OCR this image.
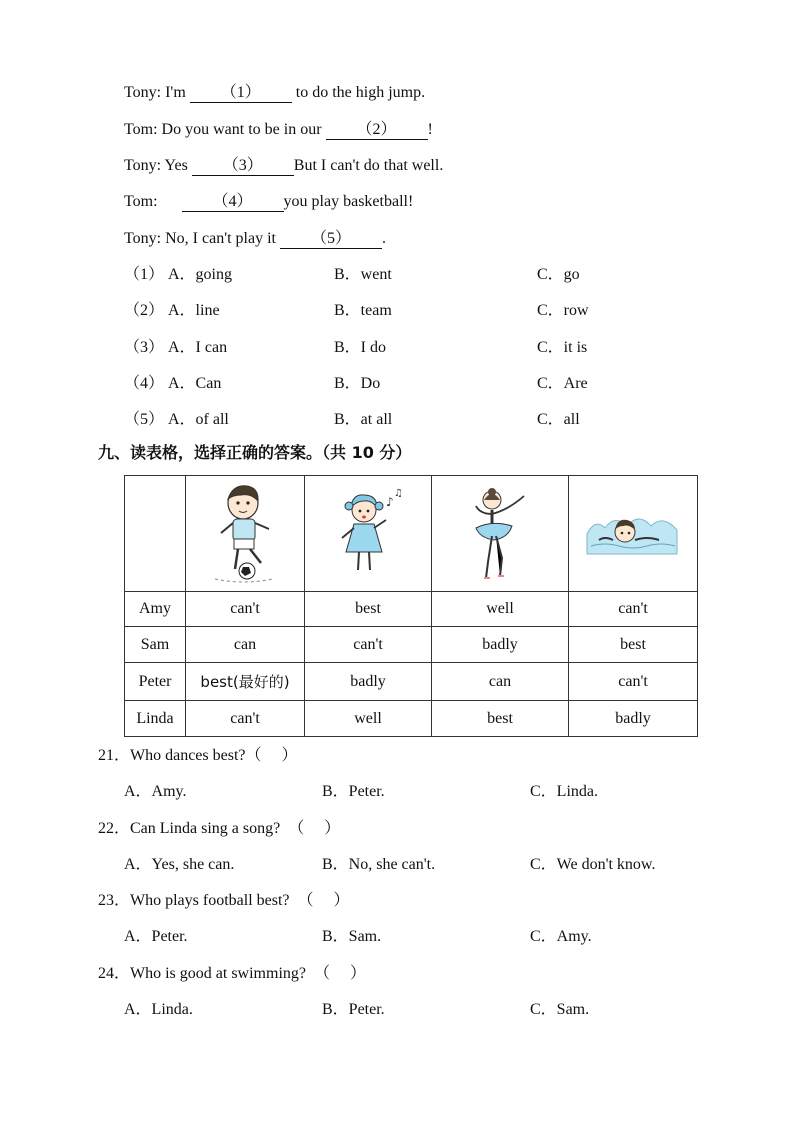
Tony: I'm （1） to do the high jump.
Tom: Do you want to be in our （2） !
Tony: Yes （3） But I can't do that well.
Tom:	（4） you play basketball!
Tony: No, I can't play it （5） .
（1） A．going	B．went	C．go
（2） A．line	B．team	C．row
（3） A．I can	B．I do	C．it is
（4） A．Can	B．Do	C．Are
（5） A．of all	B．at all	C．all
九、读表格，选择正确的答案。（共 10 分）

♪
♫

Amy	can't	best	well	can't
Sam	can	can't	badly	best
Peter	best(最好的)	badly	can	can't
Linda	can't	well	best	badly
21．Who dances best?（　 ）
A．Amy.	B．Peter.	C．Linda.
22．Can Linda sing a song?　（　 ）
A．Yes, she can.	B．No, she can't.	C．We don't know.
23．Who plays football best?　（　 ）
A．Peter.	B．Sam.	C．Amy.
24．Who is good at swimming?　（　 ）
A．Linda.	B．Peter.	C．Sam.
